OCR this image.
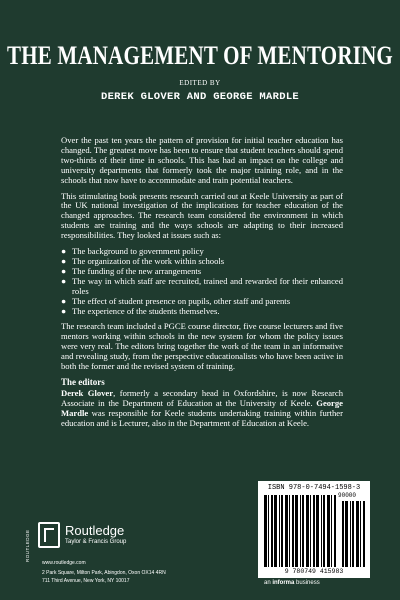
THE MANAGEMENT OF MENTORING
EDITED BY
DEREK GLOVER AND GEORGE MARDLE

Over the past ten years the pattern of provision for initial teacher education has changed. The greatest move has been to ensure that student teachers should spend two-thirds of their time in schools. This has had an impact on the college and university departments that formerly took the major training role, and in the schools that now have to accommodate and train potential teachers.

This stimulating book presents research carried out at Keele University as part of the UK national investigation of the implications for teacher education of the changed approaches. The research team considered the environment in which students are training and the ways schools are adapting to their increased responsibilities. They looked at issues such as:

● The background to government policy
● The organization of the work within schools
● The funding of the new arrangements
● The way in which staff are recruited, trained and rewarded for their enhanced roles
● The effect of student presence on pupils, other staff and parents
● The experience of the students themselves.

The research team included a PGCE course director, five course lecturers and five mentors working within schools in the new system for whom the policy issues were very real. The editors bring together the work of the team in an informative and revealing study, from the perspective educationalists who have been active in both the former and the revised system of training.

The editors

Derek Glover, formerly a secondary head in Oxfordshire, is now Research Associate in the Department of Education at the University of Keele. George Mardle was responsible for Keele students undertaking training within further education and is Lecturer, also in the Department of Education at Keele.

ROUTLEDGE	Routledge
Taylor & Francis Group
www.routledge.com
2 Park Square, Milton Park, Abingdon, Oxon OX14 4RN
711 Third Avenue, New York, NY 10017
ISBN 978-0-7494-1598-3
90000
9 780749 415983
an informa business
